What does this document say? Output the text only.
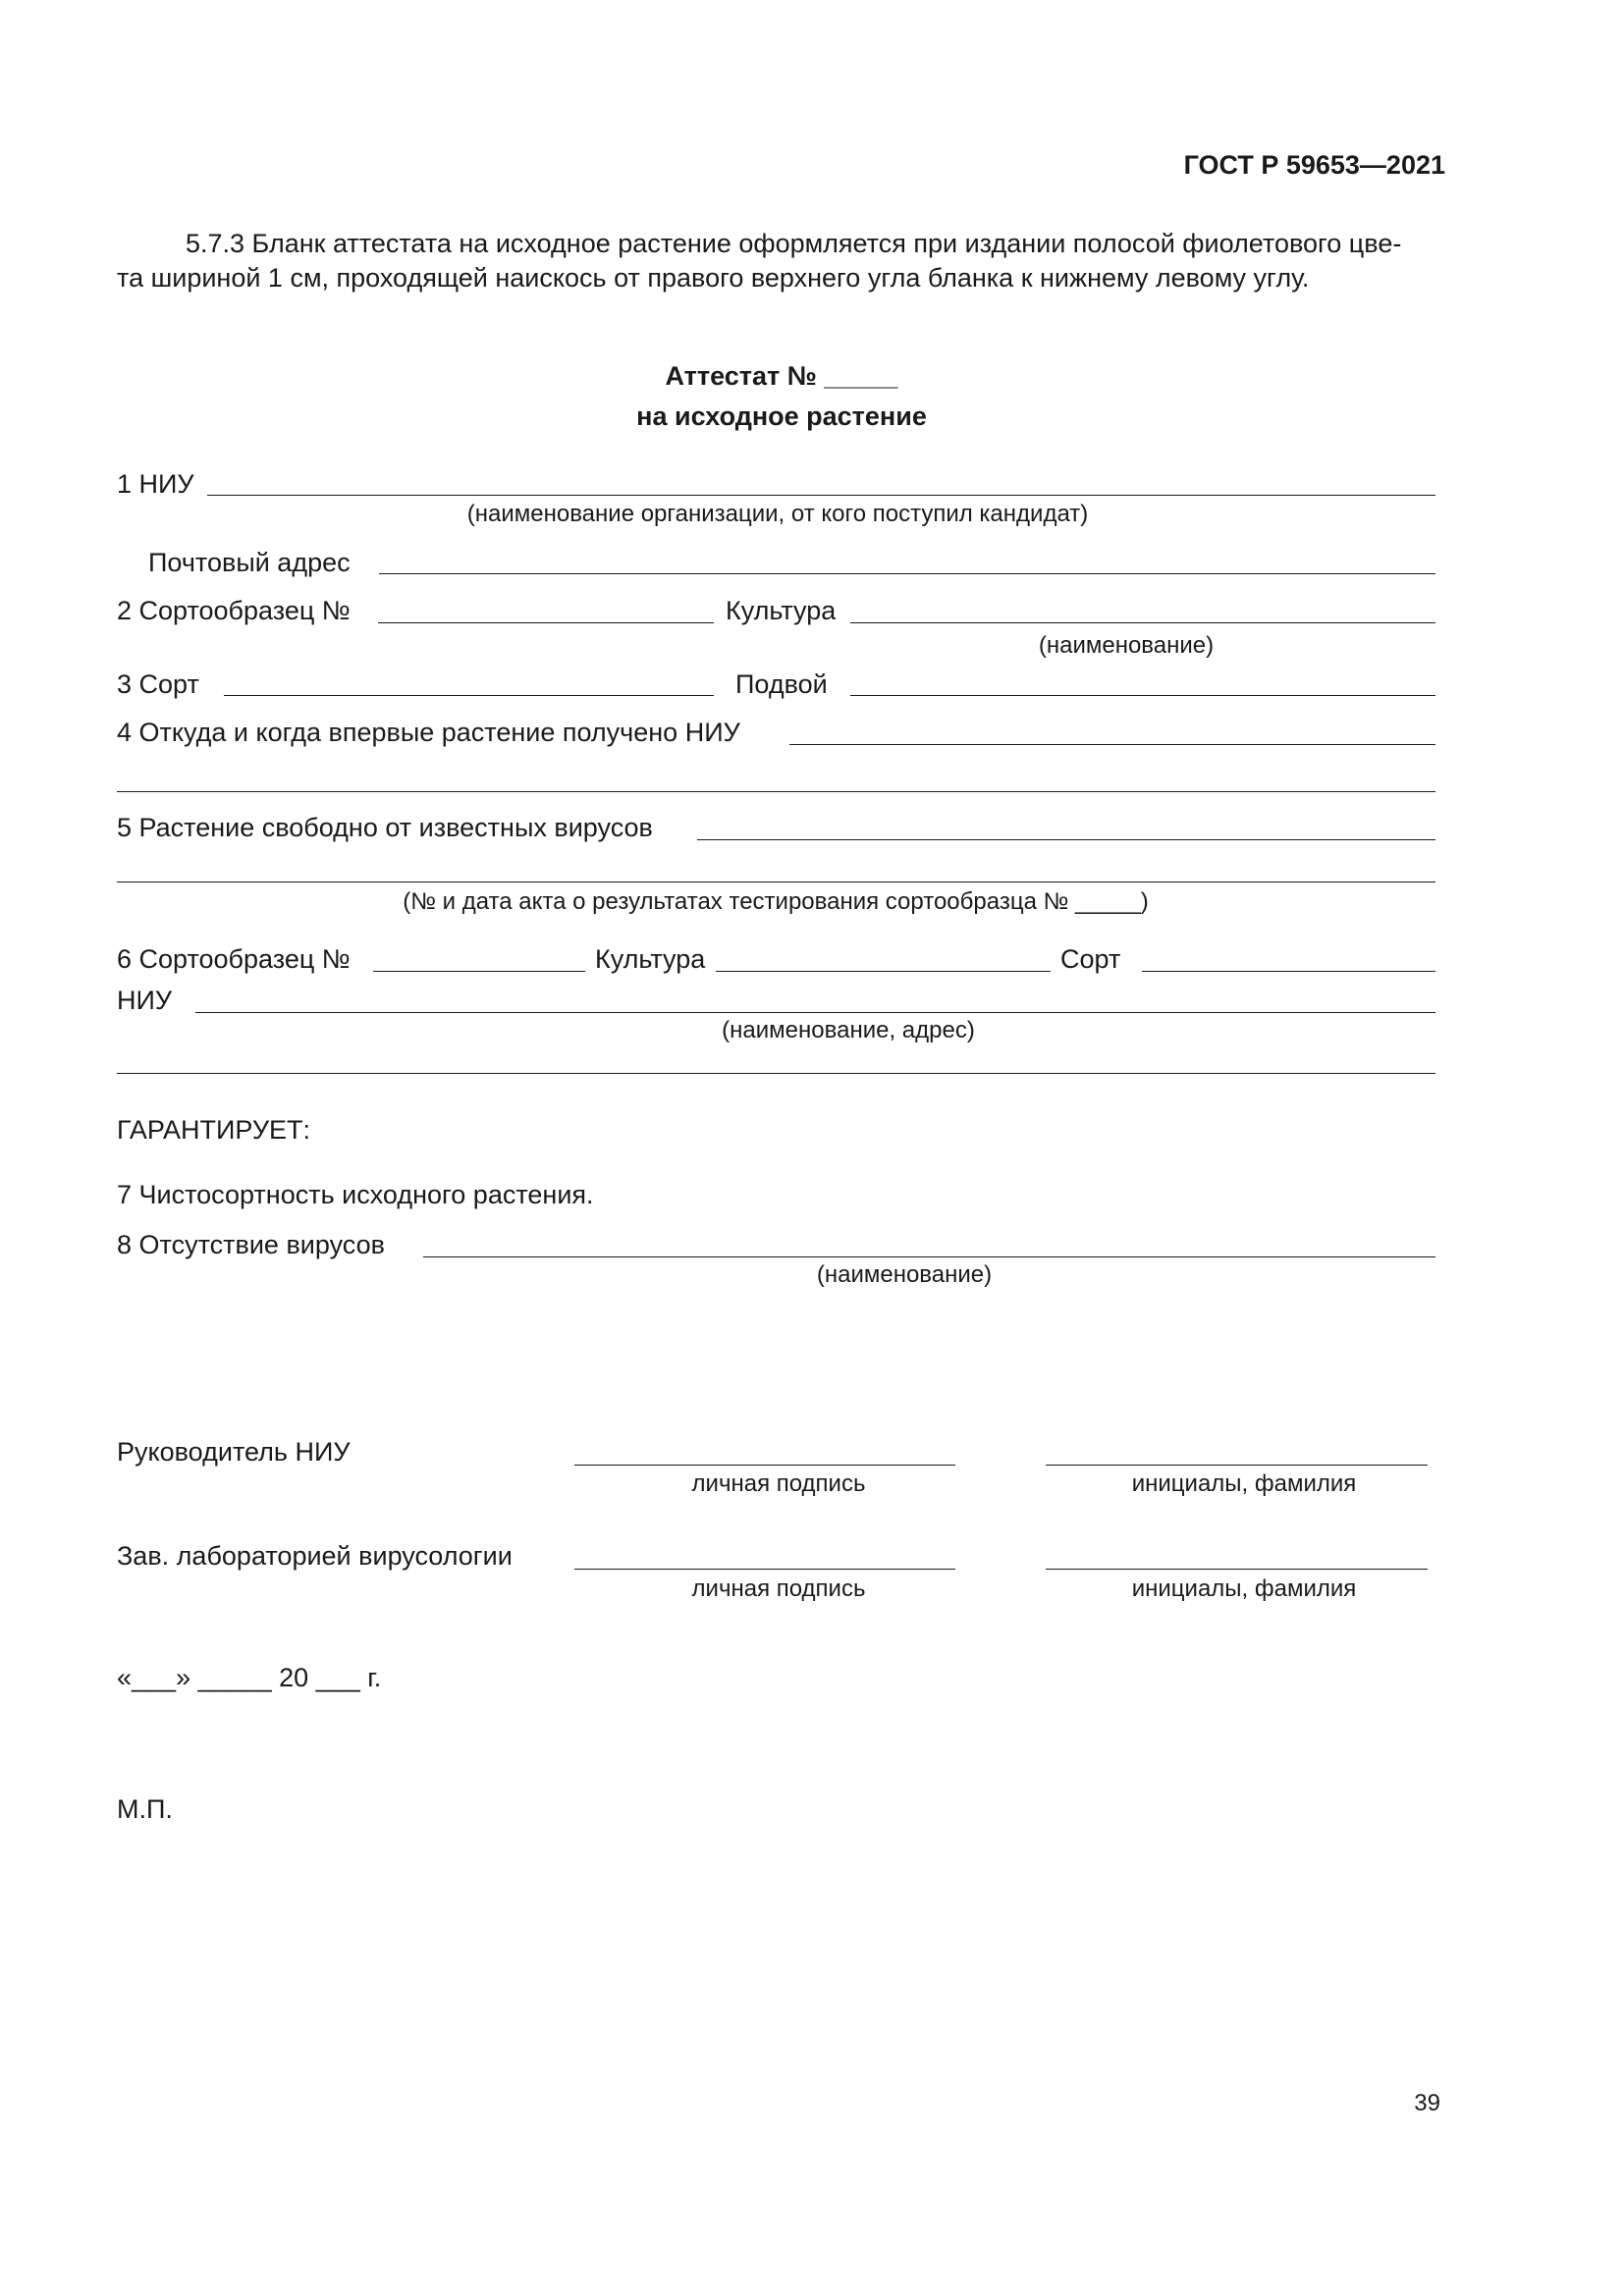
ГОСТ Р 59653—2021
5.7.3 Бланк аттестата на исходное растение оформляется при издании полосой фиолетового цве-
та шириной 1 см, проходящей наискось от правого верхнего угла бланка к нижнему левому углу.
Аттестат № _____
на исходное растение
1 НИУ
(наименование организации, от кого поступил кандидат)
Почтовый адрес
2 Сортообразец №	Культура
(наименование)
3 Сорт	Подвой
4 Откуда и когда впервые растение получено НИУ
5 Растение свободно от известных вирусов
(№ и дата акта о результатах тестирования сортообразца № _____)
6 Сортообразец №	Культура	Сорт
НИУ
(наименование, адрес)
ГАРАНТИРУЕТ:
7 Чистосортность исходного растения.
8 Отсутствие вирусов
(наименование)
Руководитель НИУ
личная подпись	инициалы, фамилия
Зав. лабораторией вирусологии
личная подпись	инициалы, фамилия
«___» _____ 20 ___ г.
М.П.
39
